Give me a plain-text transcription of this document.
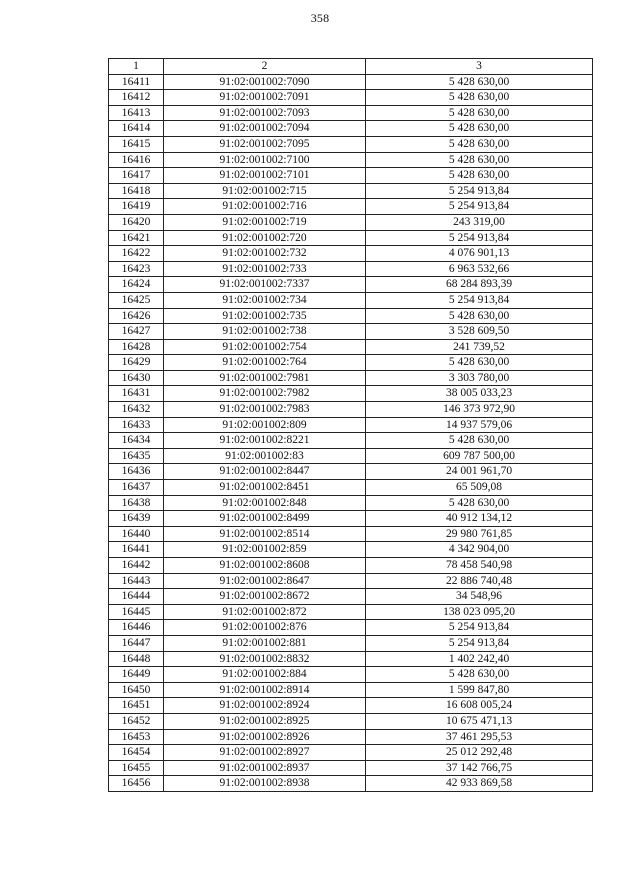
358
1	2	3
16411	91:02:001002:7090	5 428 630,00
16412	91:02:001002:7091	5 428 630,00
16413	91:02:001002:7093	5 428 630,00
16414	91:02:001002:7094	5 428 630,00
16415	91:02:001002:7095	5 428 630,00
16416	91:02:001002:7100	5 428 630,00
16417	91:02:001002:7101	5 428 630,00
16418	91:02:001002:715	5 254 913,84
16419	91:02:001002:716	5 254 913,84
16420	91:02:001002:719	243 319,00
16421	91:02:001002:720	5 254 913,84
16422	91:02:001002:732	4 076 901,13
16423	91:02:001002:733	6 963 532,66
16424	91:02:001002:7337	68 284 893,39
16425	91:02:001002:734	5 254 913,84
16426	91:02:001002:735	5 428 630,00
16427	91:02:001002:738	3 528 609,50
16428	91:02:001002:754	241 739,52
16429	91:02:001002:764	5 428 630,00
16430	91:02:001002:7981	3 303 780,00
16431	91:02:001002:7982	38 005 033,23
16432	91:02:001002:7983	146 373 972,90
16433	91:02:001002:809	14 937 579,06
16434	91:02:001002:8221	5 428 630,00
16435	91:02:001002:83	609 787 500,00
16436	91:02:001002:8447	24 001 961,70
16437	91:02:001002:8451	65 509,08
16438	91:02:001002:848	5 428 630,00
16439	91:02:001002:8499	40 912 134,12
16440	91:02:001002:8514	29 980 761,85
16441	91:02:001002:859	4 342 904,00
16442	91:02:001002:8608	78 458 540,98
16443	91:02:001002:8647	22 886 740,48
16444	91:02:001002:8672	34 548,96
16445	91:02:001002:872	138 023 095,20
16446	91:02:001002:876	5 254 913,84
16447	91:02:001002:881	5 254 913,84
16448	91:02:001002:8832	1 402 242,40
16449	91:02:001002:884	5 428 630,00
16450	91:02:001002:8914	1 599 847,80
16451	91:02:001002:8924	16 608 005,24
16452	91:02:001002:8925	10 675 471,13
16453	91:02:001002:8926	37 461 295,53
16454	91:02:001002:8927	25 012 292,48
16455	91:02:001002:8937	37 142 766,75
16456	91:02:001002:8938	42 933 869,58
